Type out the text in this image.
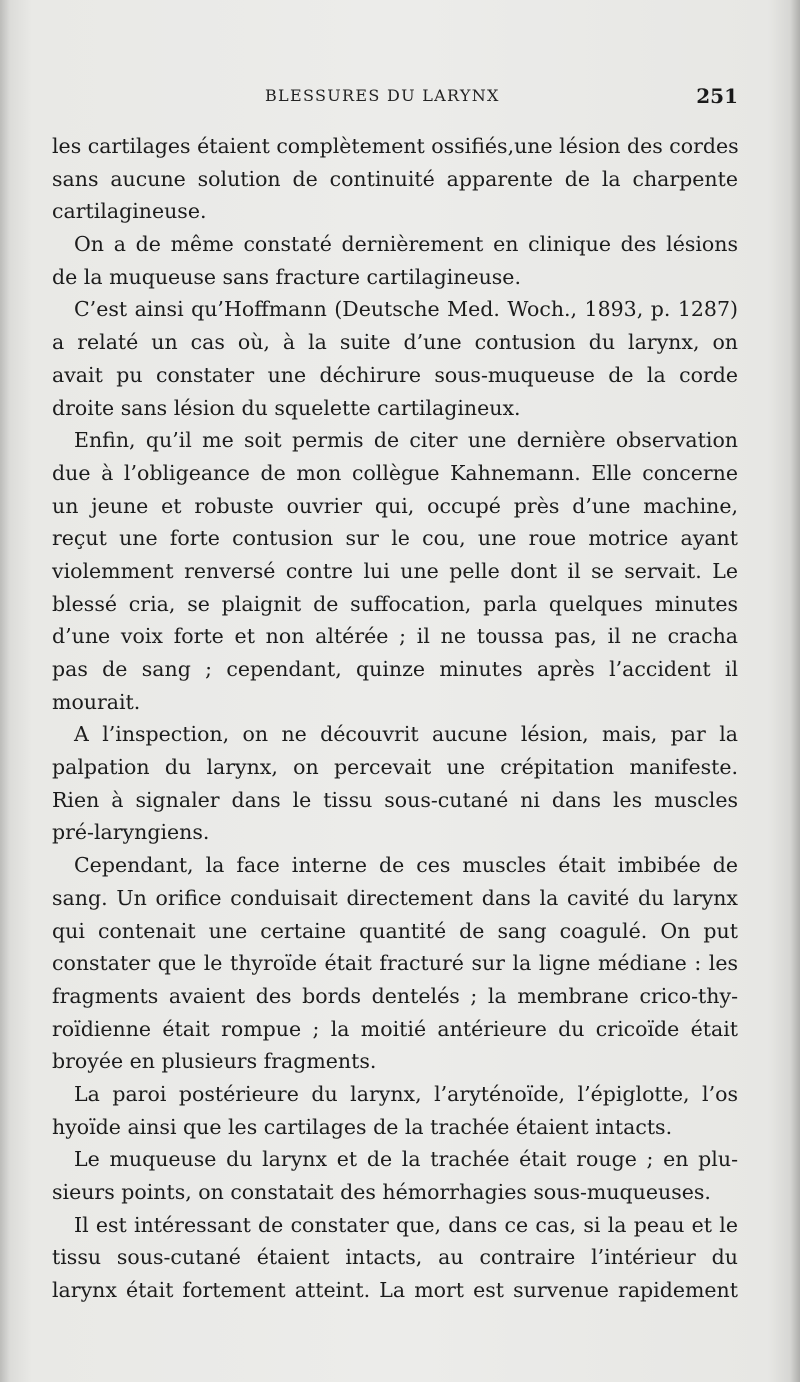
BLESSURES DU LARYNX	251
les cartilages étaient complètement ossifiés,une lésion des cordes
sans aucune solution de continuité apparente de la charpente
cartilagineuse.
On a de même constaté dernièrement en clinique des lésions
de la muqueuse sans fracture cartilagineuse.
C’est ainsi qu’Hoffmann (Deutsche Med. Woch., 1893, p. 1287)
a relaté un cas où, à la suite d’une contusion du larynx, on
avait pu constater une déchirure sous-muqueuse de la corde
droite sans lésion du squelette cartilagineux.
Enfin, qu’il me soit permis de citer une dernière observation
due à l’obligeance de mon collègue Kahnemann. Elle concerne
un jeune et robuste ouvrier qui, occupé près d’une machine,
reçut une forte contusion sur le cou, une roue motrice ayant
violemment renversé contre lui une pelle dont il se servait. Le
blessé cria, se plaignit de suffocation, parla quelques minutes
d’une voix forte et non altérée ; il ne toussa pas, il ne cracha
pas de sang ; cependant, quinze minutes après l’accident il
mourait.
A l’inspection, on ne découvrit aucune lésion, mais, par la
palpation du larynx, on percevait une crépitation manifeste.
Rien à signaler dans le tissu sous-cutané ni dans les muscles
pré-laryngiens.
Cependant, la face interne de ces muscles était imbibée de
sang. Un orifice conduisait directement dans la cavité du larynx
qui contenait une certaine quantité de sang coagulé. On put
constater que le thyroïde était fracturé sur la ligne médiane : les
fragments avaient des bords dentelés ; la membrane crico-thy-
roïdienne était rompue ; la moitié antérieure du cricoïde était
broyée en plusieurs fragments.
La paroi postérieure du larynx, l’aryténoïde, l’épiglotte, l’os
hyoïde ainsi que les cartilages de la trachée étaient intacts.
Le muqueuse du larynx et de la trachée était rouge ; en plu-
sieurs points, on constatait des hémorrhagies sous-muqueuses.
Il est intéressant de constater que, dans ce cas, si la peau et le
tissu sous-cutané étaient intacts, au contraire l’intérieur du
larynx était fortement atteint. La mort est survenue rapidement
